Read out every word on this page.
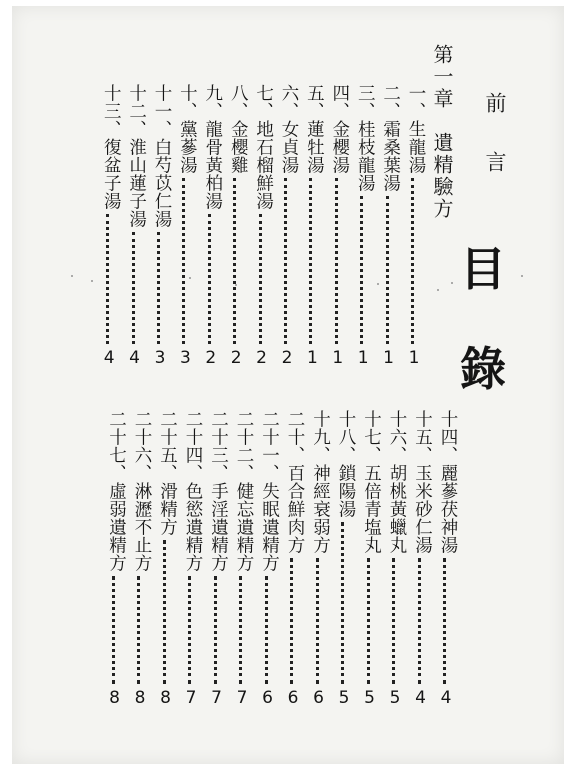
前言
第一章遺精驗方
目
錄
一、生龍湯
1
二、霜桑葉湯
1
三、桂枝龍湯
1
四、金櫻湯
1
五、蓮牡湯
1
六、女貞湯
2
七、地石榴鮮湯
2
八、金櫻雞
2
九、龍骨黃柏湯
2
十、黨蔘湯
3
十一、白芍苡仁湯
3
十二、淮山蓮子湯
4
十三、復盆子湯
4
十四、麗蔘茯神湯
4
十五、玉米砂仁湯
4
十六、胡桃黃蠟丸
5
十七、五倍青塩丸
5
十八、鎖陽湯
5
十九、神經衰弱方
6
二十、百合鮮肉方
6
二十一、失眠遺精方
6
二十二、健忘遺精方
7
二十三、手淫遺精方
7
二十四、色慾遺精方
7
二十五、滑精方
8
二十六、淋瀝不止方
8
二十七、虛弱遺精方
8
